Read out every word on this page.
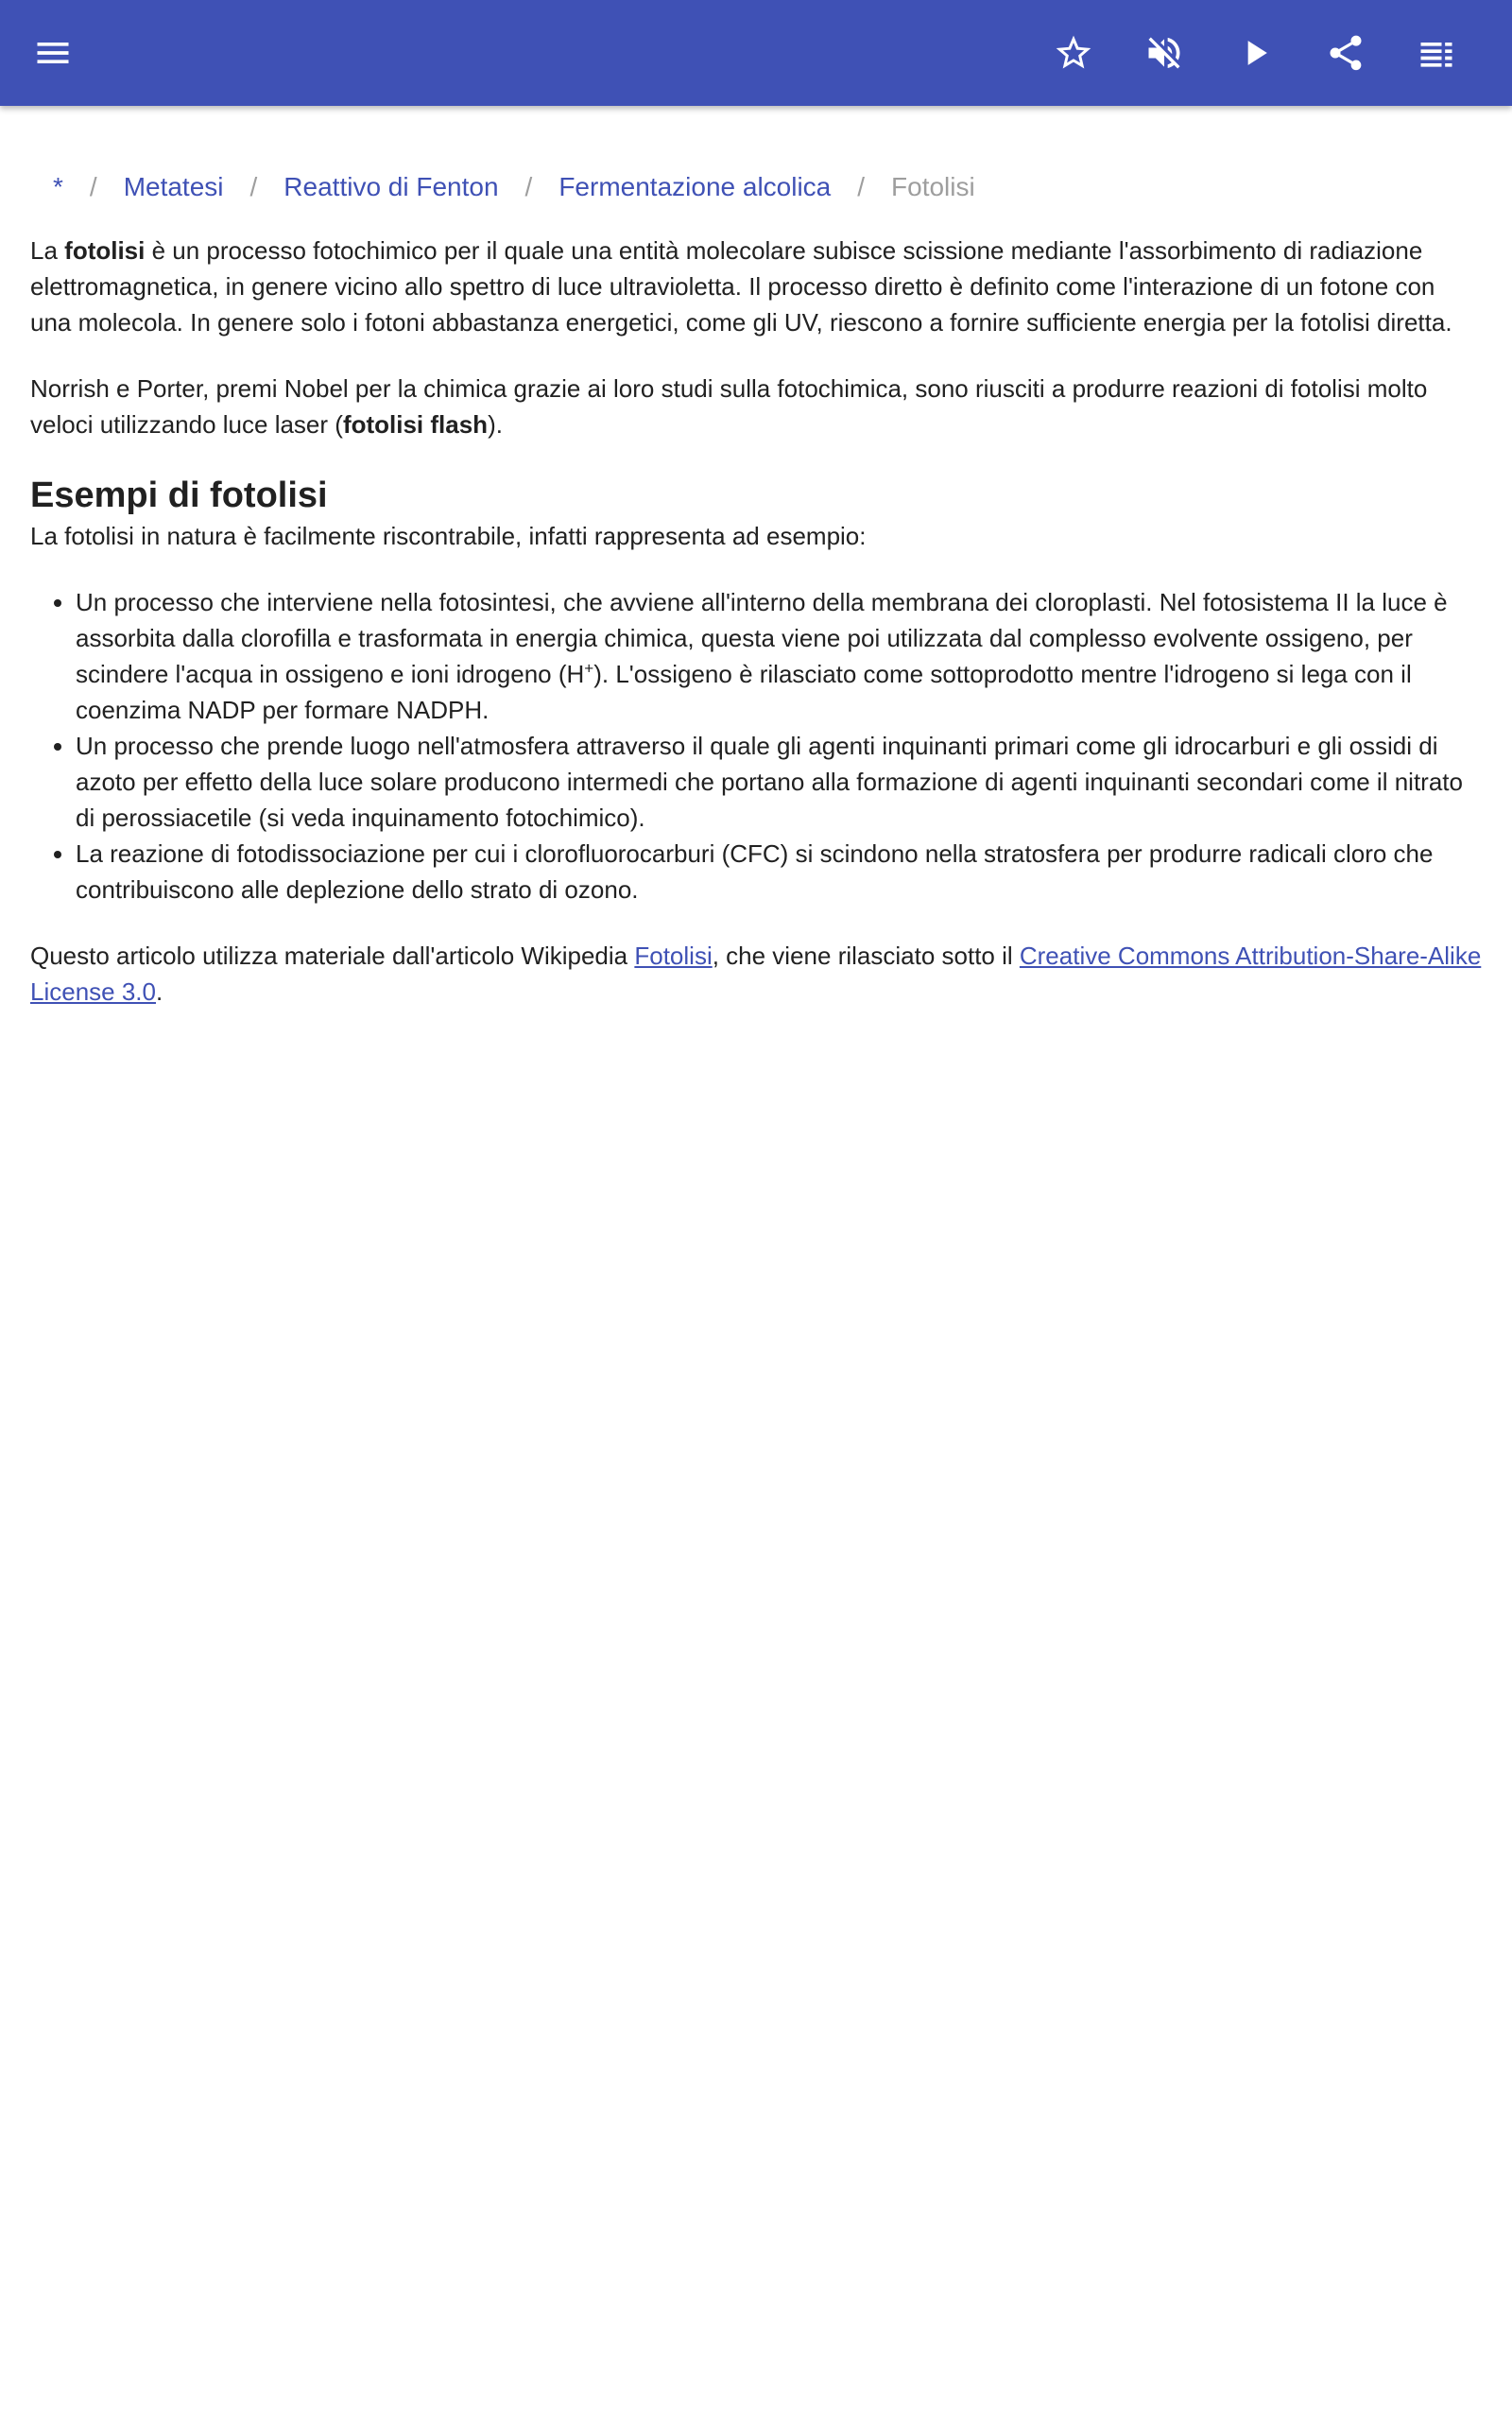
* / Metatesi / Reattivo di Fenton / Fermentazione alcolica / Fotolisi

La fotolisi è un processo fotochimico per il quale una entità molecolare subisce scissione mediante l'assorbimento di radiazione elettromagnetica, in genere vicino allo spettro di luce ultravioletta. Il processo diretto è definito come l'interazione di un fotone con una molecola. In genere solo i fotoni abbastanza energetici, come gli UV, riescono a fornire sufficiente energia per la fotolisi diretta.

Norrish e Porter, premi Nobel per la chimica grazie ai loro studi sulla fotochimica, sono riusciti a produrre reazioni di fotolisi molto veloci utilizzando luce laser (fotolisi flash).

Esempi di fotolisi
La fotolisi in natura è facilmente riscontrabile, infatti rappresenta ad esempio:
• Un processo che interviene nella fotosintesi, che avviene all'interno della membrana dei cloroplasti. Nel fotosistema II la luce è assorbita dalla clorofilla e trasformata in energia chimica, questa viene poi utilizzata dal complesso evolvente ossigeno, per scindere l'acqua in ossigeno e ioni idrogeno (H+). L'ossigeno è rilasciato come sottoprodotto mentre l'idrogeno si lega con il coenzima NADP per formare NADPH.
• Un processo che prende luogo nell'atmosfera attraverso il quale gli agenti inquinanti primari come gli idrocarburi e gli ossidi di azoto per effetto della luce solare producono intermedi che portano alla formazione di agenti inquinanti secondari come il nitrato di perossiacetile (si veda inquinamento fotochimico).
• La reazione di fotodissociazione per cui i clorofluorocarburi (CFC) si scindono nella stratosfera per produrre radicali cloro che contribuiscono alle deplezione dello strato di ozono.

Questo articolo utilizza materiale dall'articolo Wikipedia Fotolisi, che viene rilasciato sotto il Creative Commons Attribution-Share-Alike License 3.0.
